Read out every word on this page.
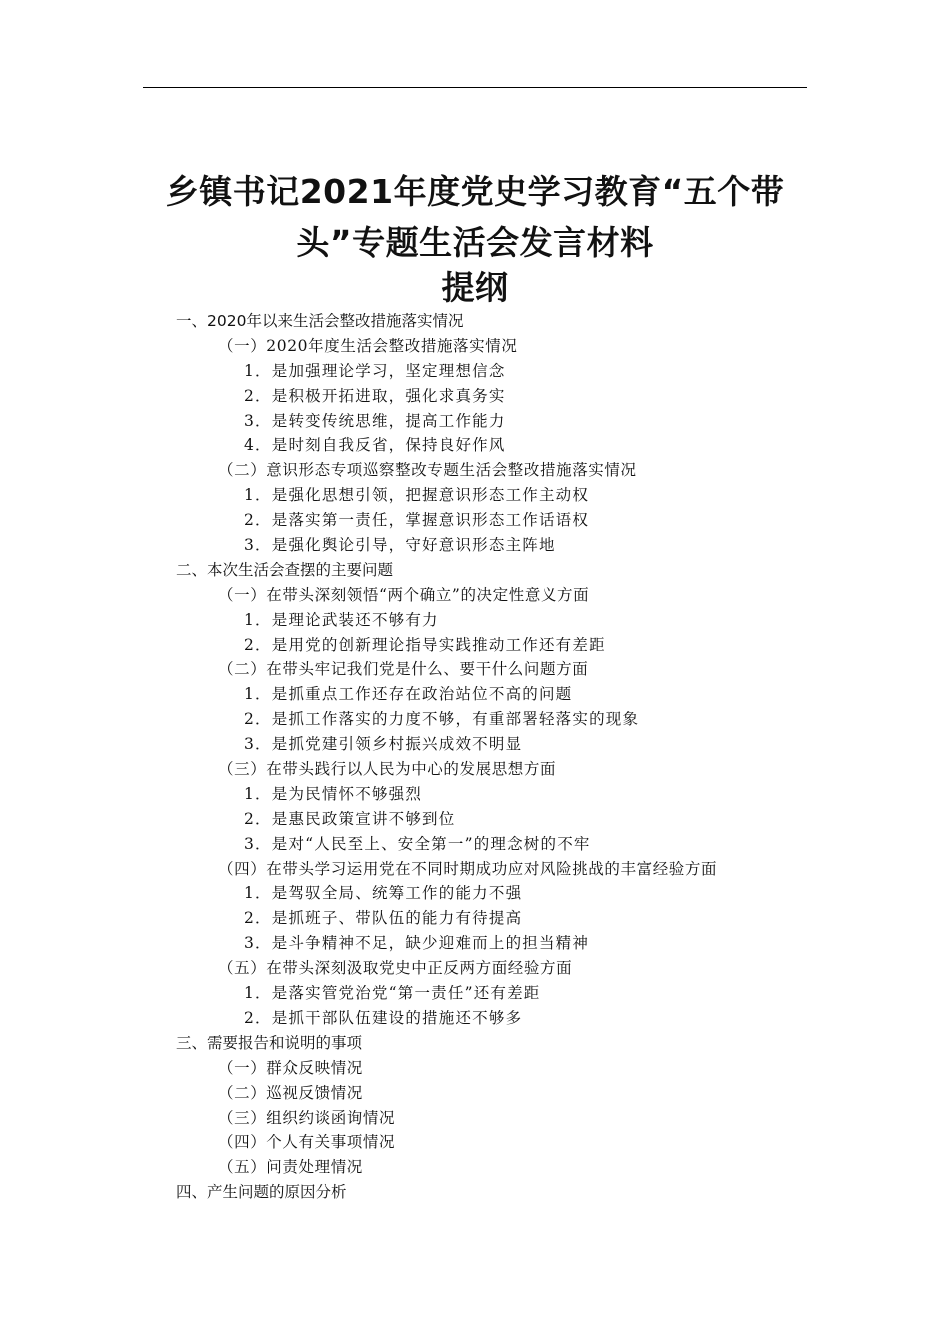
乡镇书记2021年度党史学习教育“五个带
头”专题生活会发言材料
提纲
一、2020年以来生活会整改措施落实情况
（一）2020年度生活会整改措施落实情况
1．是加强理论学习，坚定理想信念
2．是积极开拓进取，强化求真务实
3．是转变传统思维，提高工作能力
4．是时刻自我反省，保持良好作风
（二）意识形态专项巡察整改专题生活会整改措施落实情况
1．是强化思想引领，把握意识形态工作主动权
2．是落实第一责任，掌握意识形态工作话语权
3．是强化舆论引导，守好意识形态主阵地
二、本次生活会查摆的主要问题
（一）在带头深刻领悟“两个确立”的决定性意义方面
1．是理论武装还不够有力
2．是用党的创新理论指导实践推动工作还有差距
（二）在带头牢记我们党是什么、要干什么问题方面
1．是抓重点工作还存在政治站位不高的问题
2．是抓工作落实的力度不够，有重部署轻落实的现象
3．是抓党建引领乡村振兴成效不明显
（三）在带头践行以人民为中心的发展思想方面
1．是为民情怀不够强烈
2．是惠民政策宣讲不够到位
3．是对“人民至上、安全第一”的理念树的不牢
（四）在带头学习运用党在不同时期成功应对风险挑战的丰富经验方面
1．是驾驭全局、统筹工作的能力不强
2．是抓班子、带队伍的能力有待提高
3．是斗争精神不足，缺少迎难而上的担当精神
（五）在带头深刻汲取党史中正反两方面经验方面
1．是落实管党治党“第一责任”还有差距
2．是抓干部队伍建设的措施还不够多
三、需要报告和说明的事项
（一）群众反映情况
（二）巡视反馈情况
（三）组织约谈函询情况
（四）个人有关事项情况
（五）问责处理情况
四、产生问题的原因分析
